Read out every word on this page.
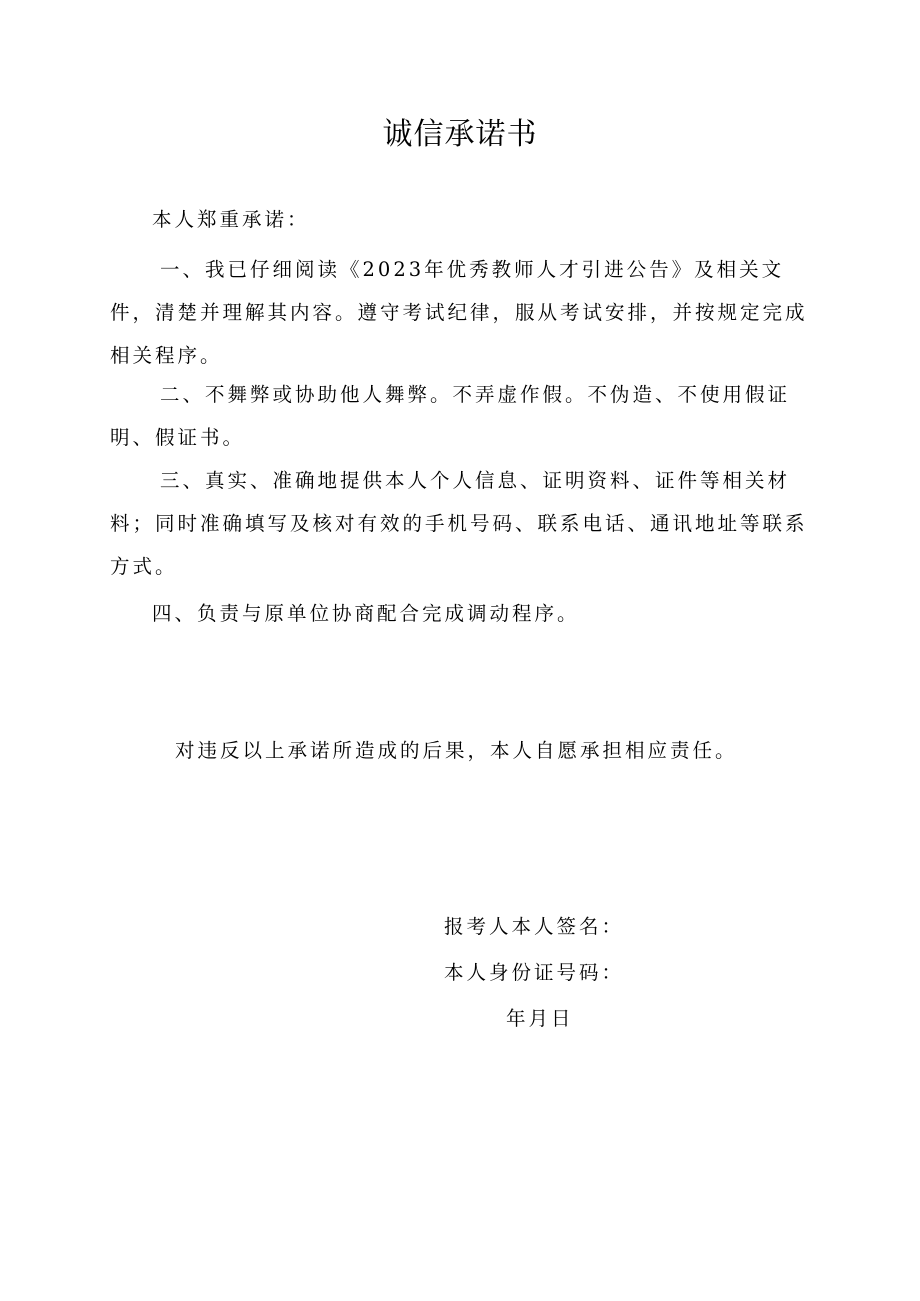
诚信承诺书
本人郑重承诺：
一、我已仔细阅读《2023年优秀教师人才引进公告》及相关文件，清楚并理解其内容。遵守考试纪律，服从考试安排，并按规定完成相关程序。
二、不舞弊或协助他人舞弊。不弄虚作假。不伪造、不使用假证明、假证书。
三、真实、准确地提供本人个人信息、证明资料、证件等相关材料；同时准确填写及核对有效的手机号码、联系电话、通讯地址等联系方式。
四、负责与原单位协商配合完成调动程序。
对违反以上承诺所造成的后果，本人自愿承担相应责任。
报考人本人签名：
本人身份证号码：
年月日
